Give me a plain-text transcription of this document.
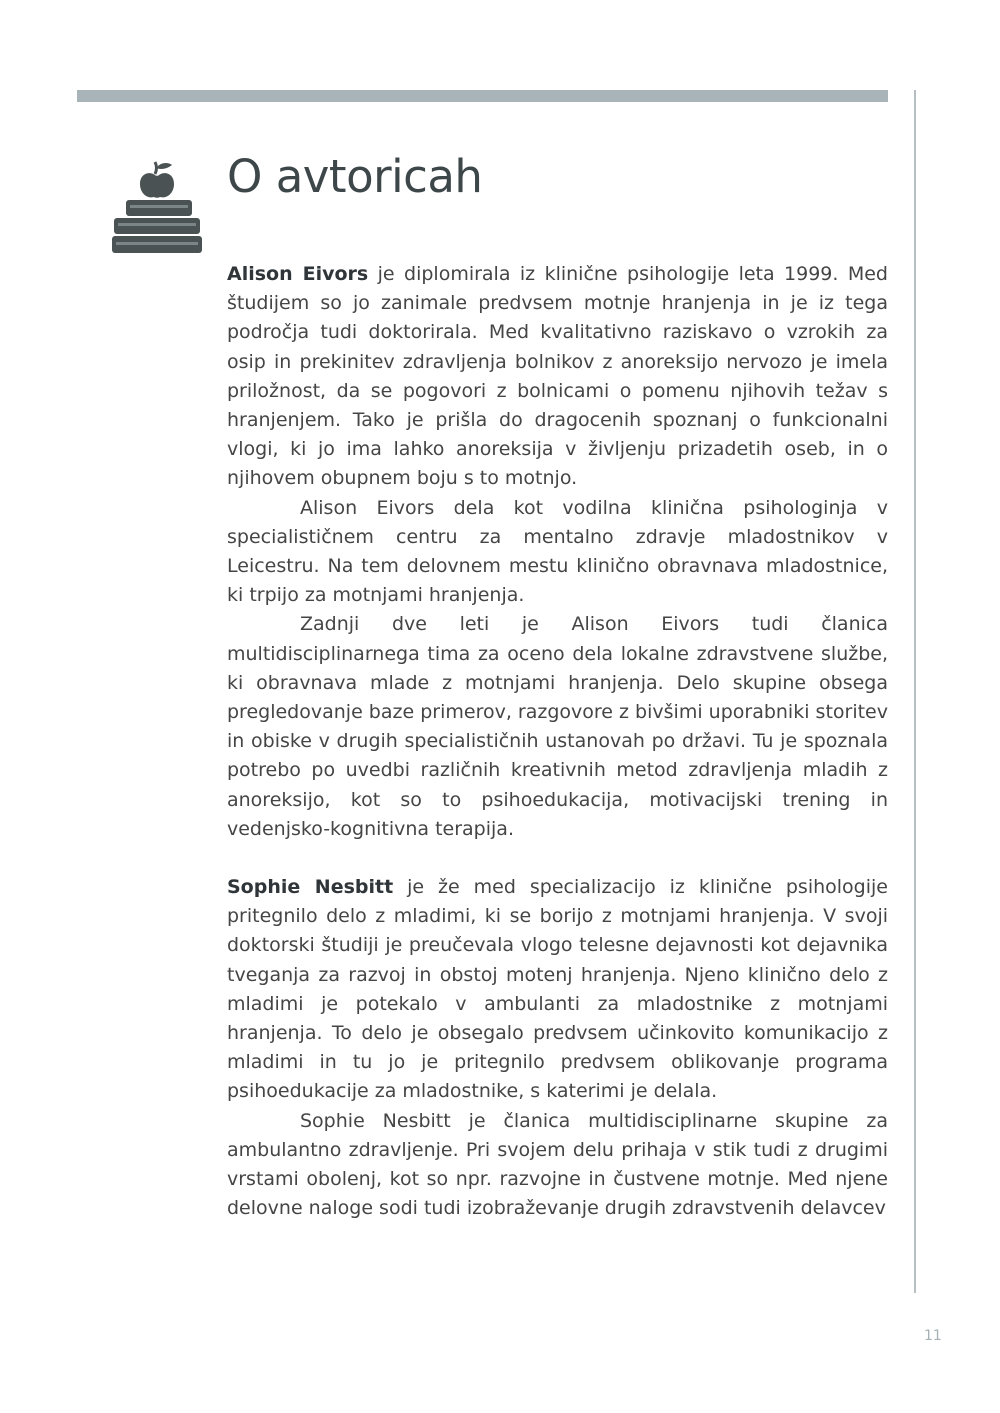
O avtoricah

Alison Eivors je diplomirala iz klinične psihologije leta 1999. Med študijem so jo zanimale predvsem motnje hranjenja in je iz tega področja tudi doktorirala. Med kvalitativno raziskavo o vzrokih za osip in prekinitev zdravljenja bolnikov z anoreksijo nervozo je imela priložnost, da se pogovori z bolnicami o pomenu njihovih težav s hranjenjem. Tako je prišla do dragocenih spoznanj o funkcionalni vlogi, ki jo ima lahko anoreksija v življenju prizadetih oseb, in o njihovem obupnem boju s to motnjo.

Alison Eivors dela kot vodilna klinična psihologinja v specialističnem centru za mentalno zdravje mladostnikov v Leicestru. Na tem delovnem mestu klinično obravnava mladostnice, ki trpijo za motnjami hranjenja.

Zadnji dve leti je Alison Eivors tudi članica multidisciplinarnega tima za oceno dela lokalne zdravstvene službe, ki obravnava mlade z motnjami hranjenja. Delo skupine obsega pregledovanje baze primerov, razgovore z bivšimi uporabniki storitev in obiske v drugih specialističnih ustanovah po državi. Tu je spoznala potrebo po uvedbi različnih kreativnih metod zdravljenja mladih z anoreksijo, kot so to psihoedukacija, motivacijski trening in vedenjsko-kognitivna terapija.

Sophie Nesbitt je že med specializacijo iz klinične psihologije pritegnilo delo z mladimi, ki se borijo z motnjami hranjenja. V svoji doktorski študiji je preučevala vlogo telesne dejavnosti kot dejavnika tveganja za razvoj in obstoj motenj hranjenja. Njeno klinično delo z mladimi je potekalo v ambulanti za mladostnike z motnjami hranjenja. To delo je obsegalo predvsem učinkovito komunikacijo z mladimi in tu jo je pritegnilo predvsem oblikovanje programa psihoedukacije za mladostnike, s katerimi je delala.

Sophie Nesbitt je članica multidisciplinarne skupine za ambulantno zdravljenje. Pri svojem delu prihaja v stik tudi z drugimi vrstami obolenj, kot so npr. razvojne in čustvene motnje. Med njene delovne naloge sodi tudi izobraževanje drugih zdravstvenih delavcev

11
